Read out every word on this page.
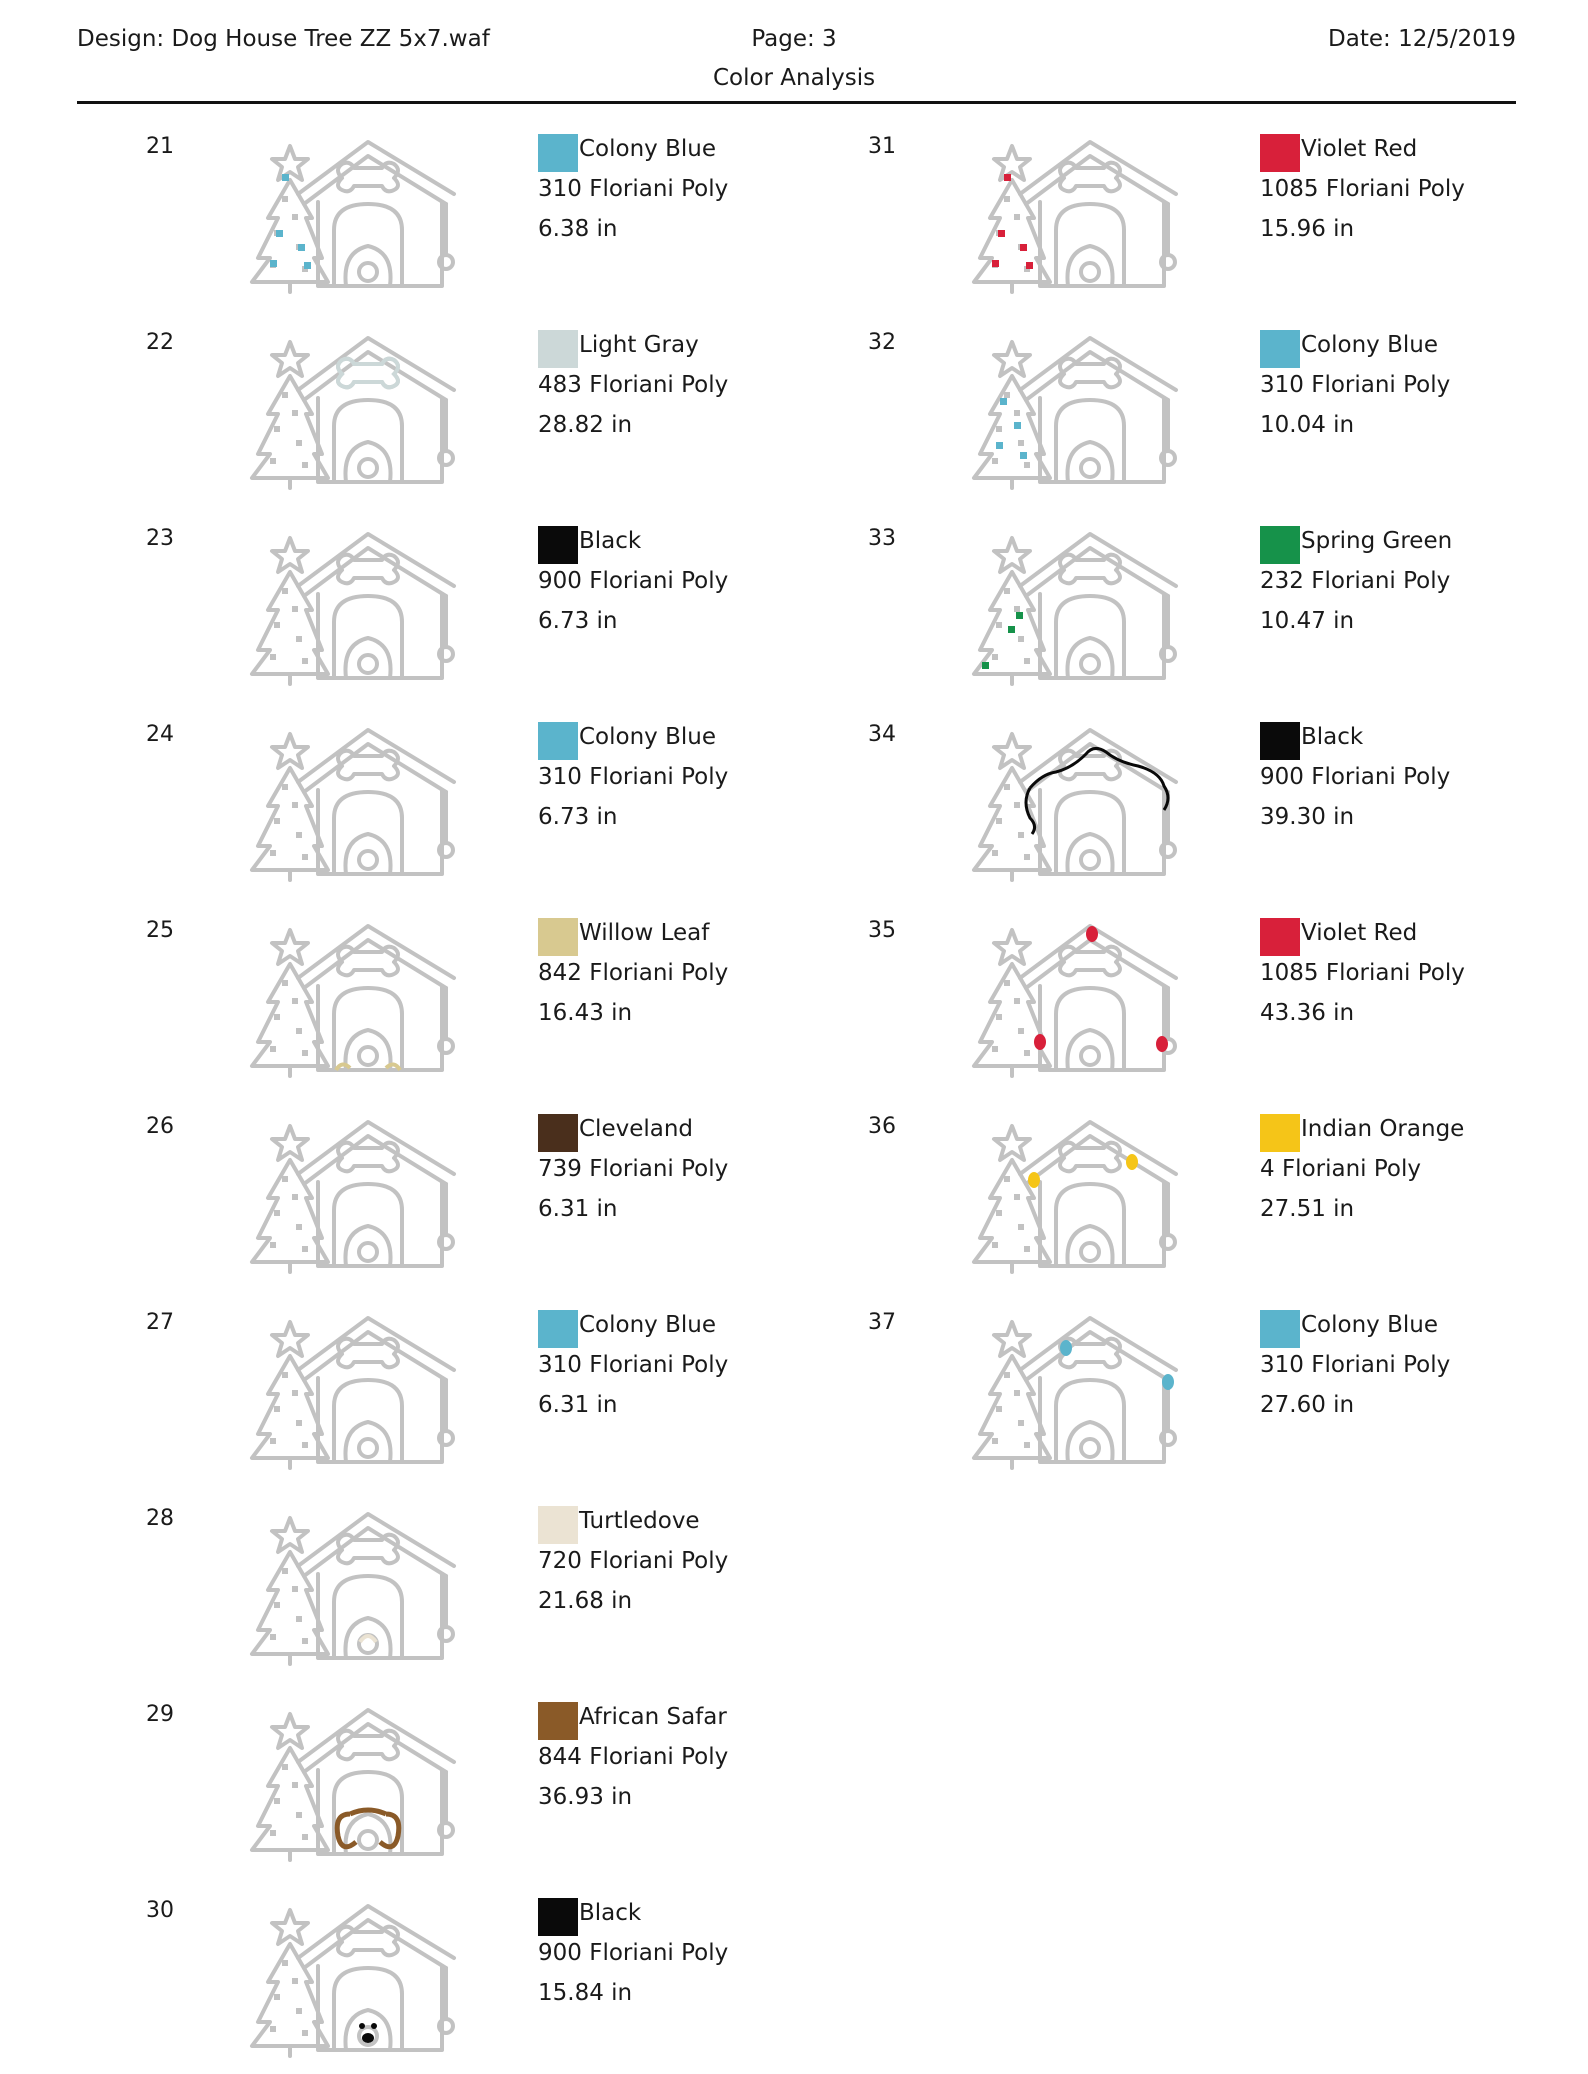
Design: Dog House Tree ZZ 5x7.waf	Page: 3	Date: 12/5/2019
Color Analysis
21	Colony Blue
310 Floriani Poly
6.38 in
22	Light Gray
483 Floriani Poly
28.82 in
23	Black
900 Floriani Poly
6.73 in
24	Colony Blue
310 Floriani Poly
6.73 in
25	Willow Leaf
842 Floriani Poly
16.43 in
26	Cleveland
739 Floriani Poly
6.31 in
27	Colony Blue
310 Floriani Poly
6.31 in
28	Turtledove
720 Floriani Poly
21.68 in
29	African Safar
844 Floriani Poly
36.93 in
30	Black
900 Floriani Poly
15.84 in
31	Violet Red
1085 Floriani Poly
15.96 in
32	Colony Blue
310 Floriani Poly
10.04 in
33	Spring Green
232 Floriani Poly
10.47 in
34	Black
900 Floriani Poly
39.30 in
35	Violet Red
1085 Floriani Poly
43.36 in
36	Indian Orange
4 Floriani Poly
27.51 in
37	Colony Blue
310 Floriani Poly
27.60 in
